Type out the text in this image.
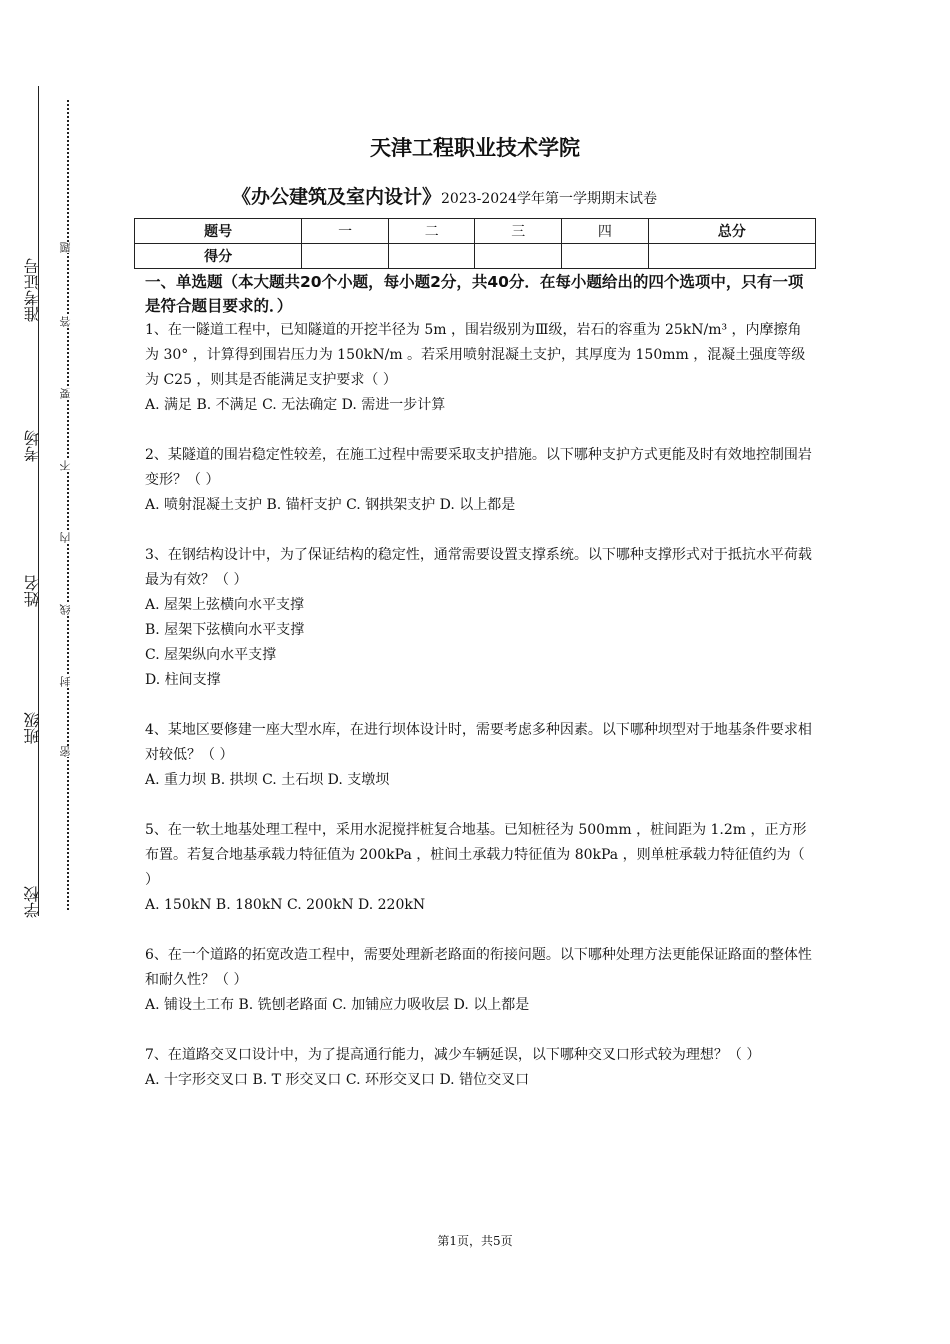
准考证号
考场
姓名
班级
学校
题
答
要
不
内
线
封
密
天津工程职业技术学院
《办公建筑及室内设计》2023-2024学年第一学期期末试卷
题号	一	二	三	四	总分
得分					
一、单选题（本大题共20个小题，每小题2分，共40分．在每小题给出的四个选项中，只有一项是符合题目要求的．）

1、在一隧道工程中，已知隧道的开挖半径为 5m ，围岩级别为Ⅲ级，岩石的容重为 25kN/m³ ，内摩擦角为 30° ，计算得到围岩压力为 150kN/m 。若采用喷射混凝土支护，其厚度为 150mm ，混凝土强度等级为 C25 ，则其是否能满足支护要求（ ）

A. 满足 B. 不满足 C. 无法确定 D. 需进一步计算

2、某隧道的围岩稳定性较差，在施工过程中需要采取支护措施。以下哪种支护方式更能及时有效地控制围岩变形？（ ）

A. 喷射混凝土支护 B. 锚杆支护 C. 钢拱架支护 D. 以上都是

3、在钢结构设计中，为了保证结构的稳定性，通常需要设置支撑系统。以下哪种支撑形式对于抵抗水平荷载最为有效？（ ）

A. 屋架上弦横向水平支撑

B. 屋架下弦横向水平支撑

C. 屋架纵向水平支撑

D. 柱间支撑

4、某地区要修建一座大型水库，在进行坝体设计时，需要考虑多种因素。以下哪种坝型对于地基条件要求相对较低？（ ）

A. 重力坝 B. 拱坝 C. 土石坝 D. 支墩坝

5、在一软土地基处理工程中，采用水泥搅拌桩复合地基。已知桩径为 500mm ，桩间距为 1.2m ，正方形布置。若复合地基承载力特征值为 200kPa ，桩间土承载力特征值为 80kPa ，则单桩承载力特征值约为（ ）

A. 150kN B. 180kN C. 200kN D. 220kN

6、在一个道路的拓宽改造工程中，需要处理新老路面的衔接问题。以下哪种处理方法更能保证路面的整体性和耐久性？（ ）

A. 铺设土工布 B. 铣刨老路面 C. 加铺应力吸收层 D. 以上都是

7、在道路交叉口设计中，为了提高通行能力，减少车辆延误，以下哪种交叉口形式较为理想？（ ）

A. 十字形交叉口 B. T 形交叉口 C. 环形交叉口 D. 错位交叉口

第1页，共5页
